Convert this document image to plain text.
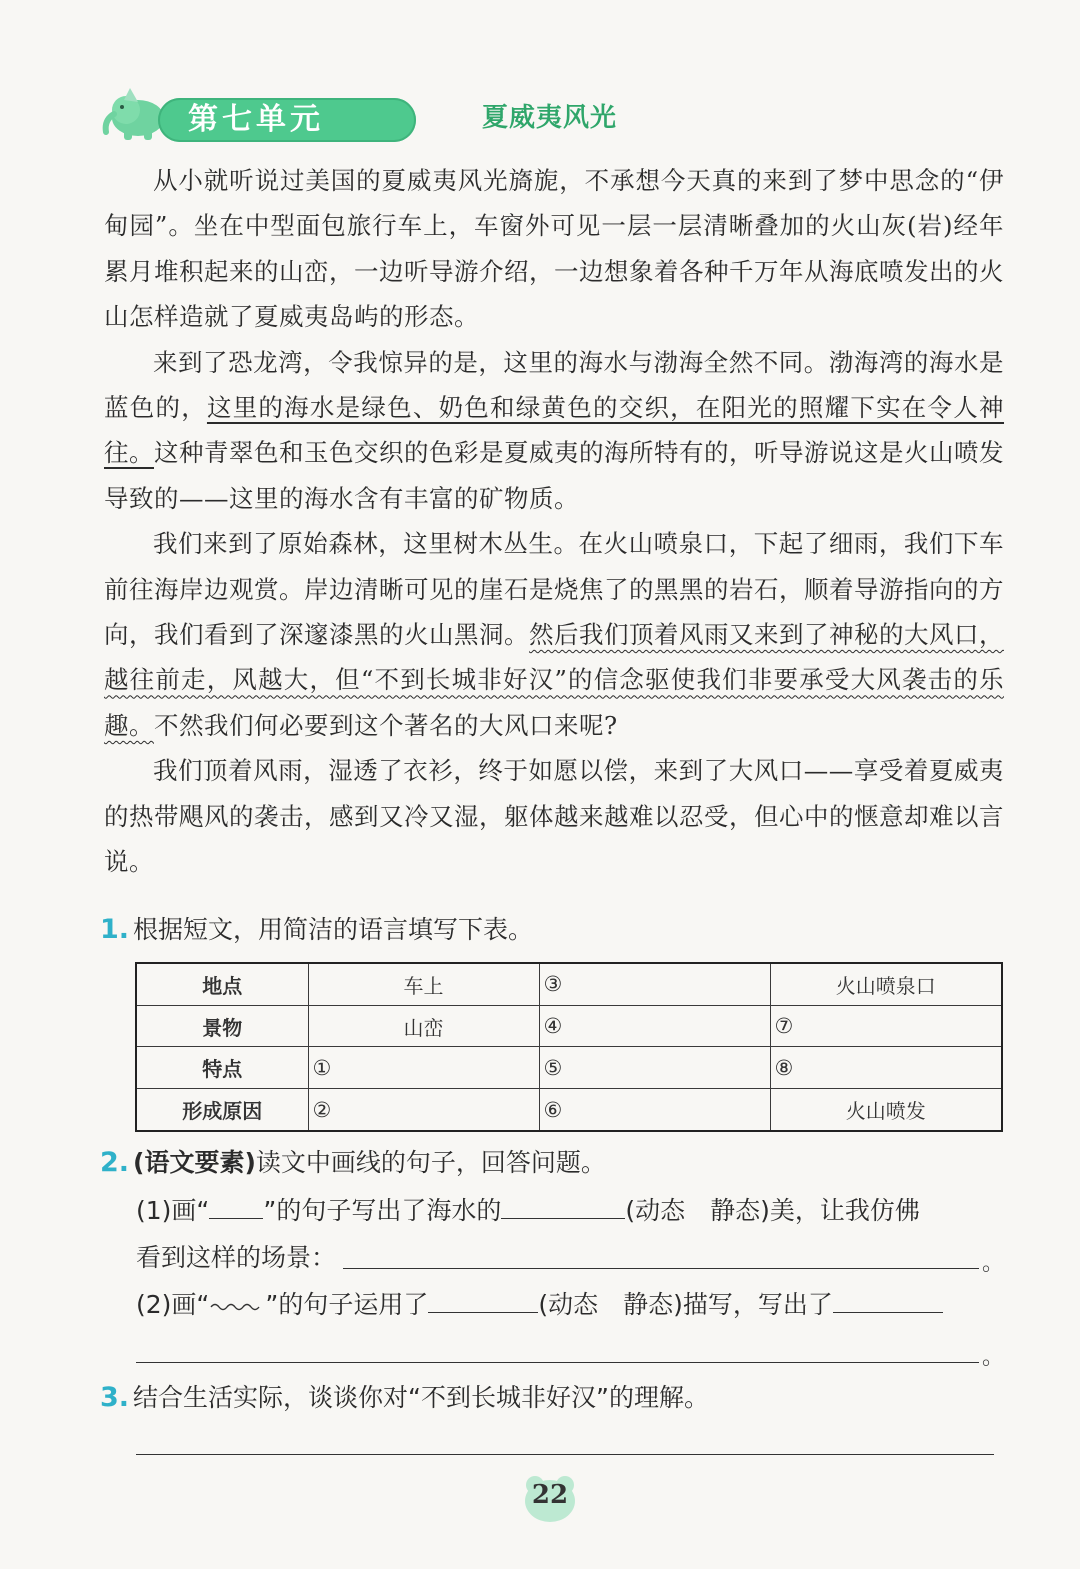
第七单元	夏威夷风光

从小就听说过美国的夏威夷风光旖旎，不承想今天真的来到了梦中思念的“伊甸园”。坐在中型面包旅行车上，车窗外可见一层一层清晰叠加的火山灰(岩)经年累月堆积起来的山峦，一边听导游介绍，一边想象着各种千万年从海底喷发出的火山怎样造就了夏威夷岛屿的形态。

来到了恐龙湾，令我惊异的是，这里的海水与渤海全然不同。渤海湾的海水是蓝色的，这里的海水是绿色、奶色和绿黄色的交织，在阳光的照耀下实在令人神往。这种青翠色和玉色交织的色彩是夏威夷的海所特有的，听导游说这是火山喷发导致的——这里的海水含有丰富的矿物质。

我们来到了原始森林，这里树木丛生。在火山喷泉口，下起了细雨，我们下车前往海岸边观赏。岸边清晰可见的崖石是烧焦了的黑黑的岩石，顺着导游指向的方向，我们看到了深邃漆黑的火山黑洞。然后我们顶着风雨又来到了神秘的大风口，越往前走，风越大，但“不到长城非好汉”的信念驱使我们非要承受大风袭击的乐趣。不然我们何必要到这个著名的大风口来呢?

我们顶着风雨，湿透了衣衫，终于如愿以偿，来到了大风口——享受着夏威夷的热带飓风的袭击，感到又冷又湿，躯体越来越难以忍受，但心中的惬意却难以言说。

1. 根据短文，用简洁的语言填写下表。
地点	车上	③	火山喷泉口
景物	山峦	④	⑦
特点	①	⑤	⑧
形成原因	②	⑥	火山喷发
2. (语文要素)读文中画线的句子，回答问题。
(1)画“ ”的句子写出了海水的	(动态　静态)美，让我仿佛
看到这样的场景：	。
(2)画“ ”的句子运用了	(动态　静态)描写，写出了
。
3. 结合生活实际，谈谈你对“不到长城非好汉”的理解。
22
